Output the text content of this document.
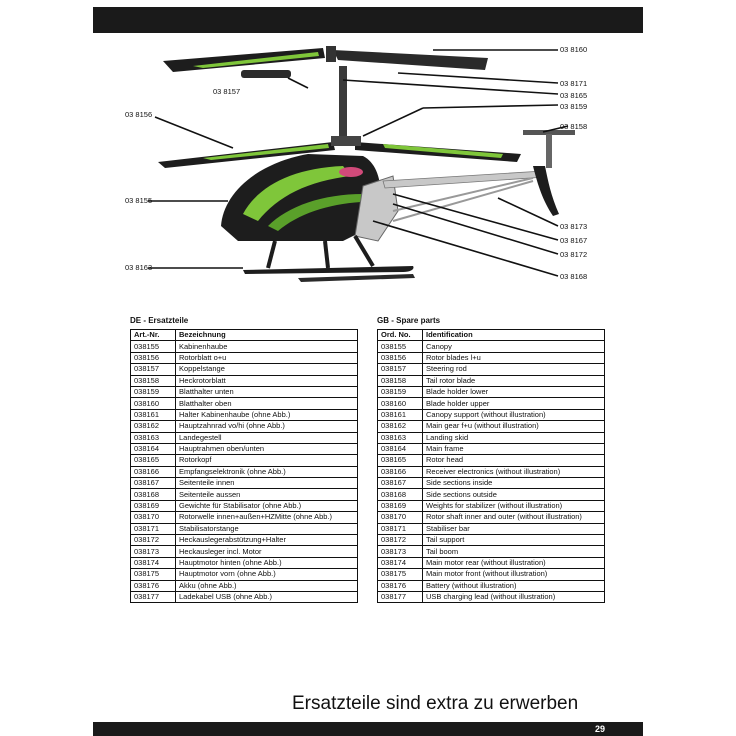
03 8160
03 8171
03 8165
03 8159
03 8158
03 8157
03 8156
03 8155
03 8163
03 8173
03 8167
03 8172
03 8168
DE - Ersatzteile
Art.-Nr.	Bezeichnung
038155	Kabinenhaube
038156	Rotorblatt o+u
038157	Koppelstange
038158	Heckrotorblatt
038159	Blatthalter unten
038160	Blatthalter oben
038161	Halter Kabinenhaube (ohne Abb.)
038162	Hauptzahnrad vo/hi (ohne Abb.)
038163	Landegestell
038164	Hauptrahmen oben/unten
038165	Rotorkopf
038166	Empfangselektronik (ohne Abb.)
038167	Seitenteile innen
038168	Seitenteile aussen
038169	Gewichte für Stabilisator (ohne Abb.)
038170	Rotorwelle innen+außen+HZMitte (ohne Abb.)
038171	Stabilisatorstange
038172	Heckauslegerabstützung+Halter
038173	Heckausleger incl. Motor
038174	Hauptmotor hinten (ohne Abb.)
038175	Hauptmotor vorn (ohne Abb.)
038176	Akku (ohne Abb.)
038177	Ladekabel USB (ohne Abb.)
GB - Spare parts
Ord. No.	Identification
038155	Canopy
038156	Rotor blades l+u
038157	Steering rod
038158	Tail rotor blade
038159	Blade holder lower
038160	Blade holder upper
038161	Canopy support (without illustration)
038162	Main gear f+u (without illustration)
038163	Landing skid
038164	Main frame
038165	Rotor head
038166	Receiver electronics (without illustration)
038167	Side sections inside
038168	Side sections outside
038169	Weights for stabilizer (without illustration)
038170	Rotor shaft inner and outer (without illustration)
038171	Stabiliser bar
038172	Tail support
038173	Tail boom
038174	Main motor rear (without illustration)
038175	Main motor front (without illustration)
038176	Battery (without illustration)
038177	USB charging lead (without illustration)
Ersatzteile sind extra zu erwerben
29
